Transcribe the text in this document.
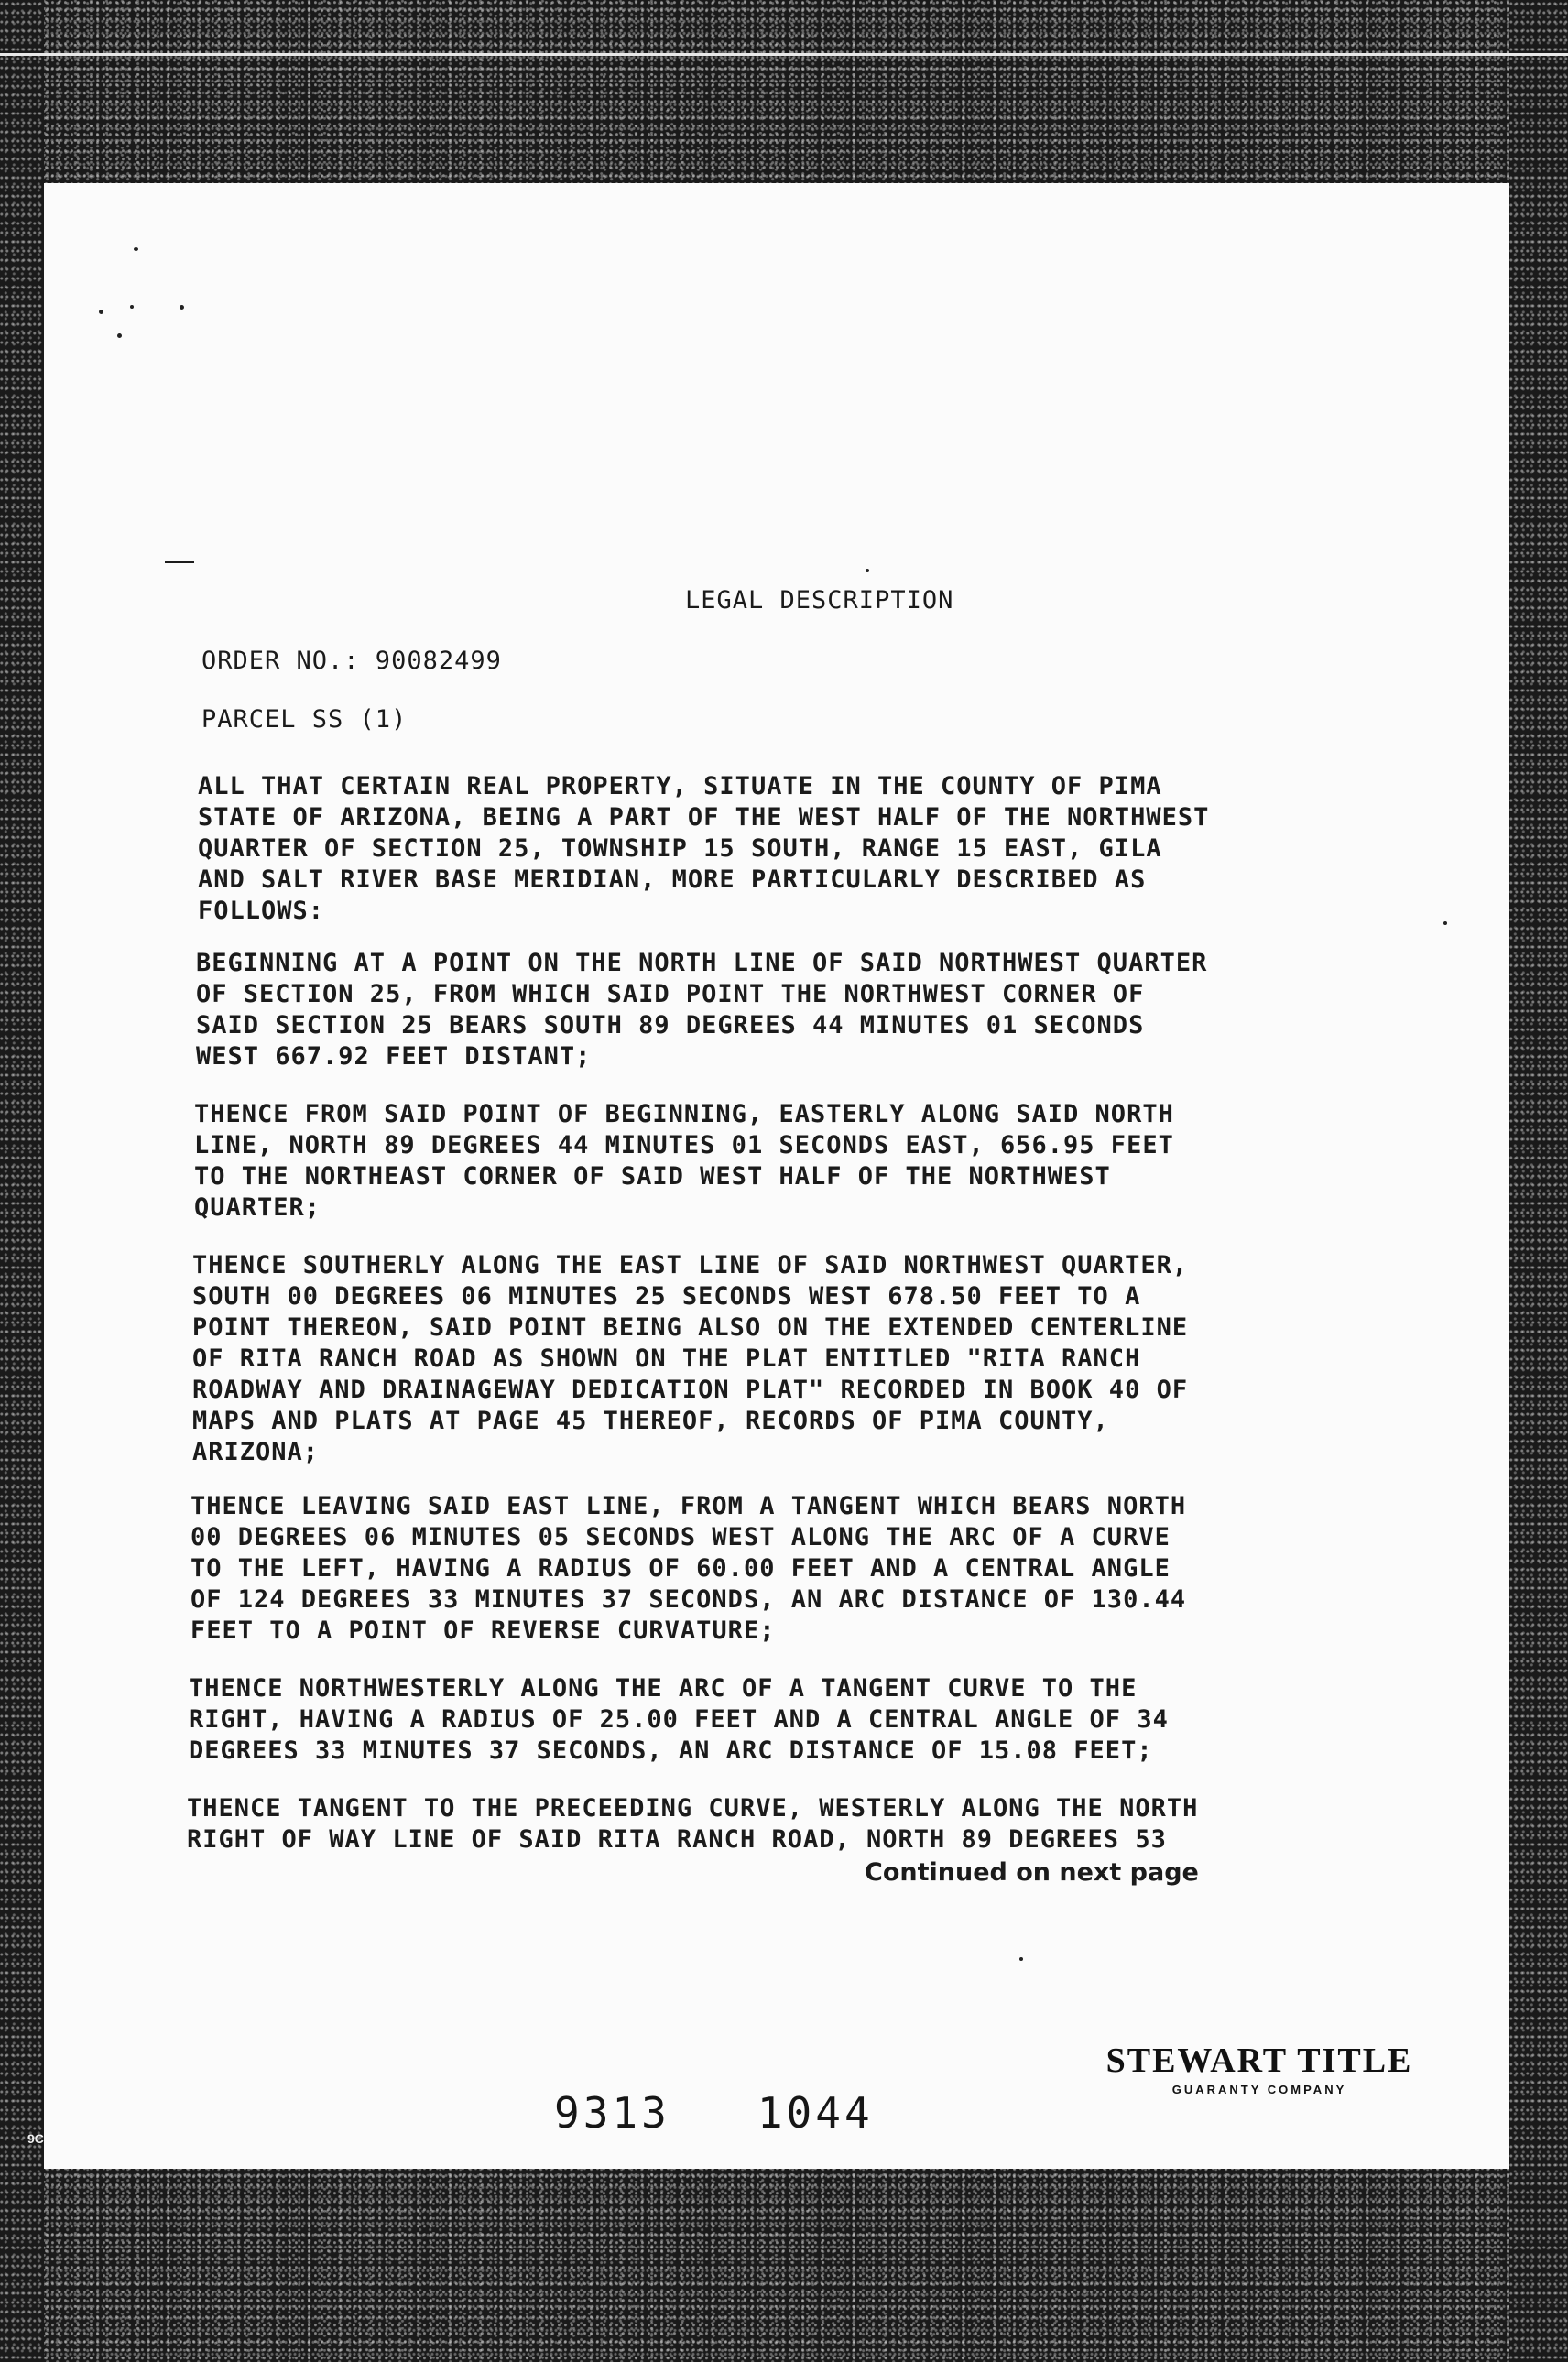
LEGAL DESCRIPTION
ORDER NO.: 90082499
PARCEL SS (1)

ALL THAT CERTAIN REAL PROPERTY, SITUATE IN THE COUNTY OF PIMA
STATE OF ARIZONA, BEING A PART OF THE WEST HALF OF THE NORTHWEST
QUARTER OF SECTION 25, TOWNSHIP 15 SOUTH, RANGE 15 EAST, GILA
AND SALT RIVER BASE MERIDIAN, MORE PARTICULARLY DESCRIBED AS
FOLLOWS:

BEGINNING AT A POINT ON THE NORTH LINE OF SAID NORTHWEST QUARTER
OF SECTION 25, FROM WHICH SAID POINT THE NORTHWEST CORNER OF
SAID SECTION 25 BEARS SOUTH 89 DEGREES 44 MINUTES 01 SECONDS
WEST 667.92 FEET DISTANT;

THENCE FROM SAID POINT OF BEGINNING, EASTERLY ALONG SAID NORTH
LINE, NORTH 89 DEGREES 44 MINUTES 01 SECONDS EAST, 656.95 FEET
TO THE NORTHEAST CORNER OF SAID WEST HALF OF THE NORTHWEST
QUARTER;

THENCE SOUTHERLY ALONG THE EAST LINE OF SAID NORTHWEST QUARTER,
SOUTH 00 DEGREES 06 MINUTES 25 SECONDS WEST 678.50 FEET TO A
POINT THEREON, SAID POINT BEING ALSO ON THE EXTENDED CENTERLINE
OF RITA RANCH ROAD AS SHOWN ON THE PLAT ENTITLED "RITA RANCH
ROADWAY AND DRAINAGEWAY DEDICATION PLAT" RECORDED IN BOOK 40 OF
MAPS AND PLATS AT PAGE 45 THEREOF, RECORDS OF PIMA COUNTY,
ARIZONA;

THENCE LEAVING SAID EAST LINE, FROM A TANGENT WHICH BEARS NORTH
00 DEGREES 06 MINUTES 05 SECONDS WEST ALONG THE ARC OF A CURVE
TO THE LEFT, HAVING A RADIUS OF 60.00 FEET AND A CENTRAL ANGLE
OF 124 DEGREES 33 MINUTES 37 SECONDS, AN ARC DISTANCE OF 130.44
FEET TO A POINT OF REVERSE CURVATURE;

THENCE NORTHWESTERLY ALONG THE ARC OF A TANGENT CURVE TO THE
RIGHT, HAVING A RADIUS OF 25.00 FEET AND A CENTRAL ANGLE OF 34
DEGREES 33 MINUTES 37 SECONDS, AN ARC DISTANCE OF 15.08 FEET;

THENCE TANGENT TO THE PRECEEDING CURVE, WESTERLY ALONG THE NORTH
RIGHT OF WAY LINE OF SAID RITA RANCH ROAD, NORTH 89 DEGREES 53

Continued on next page
STEWART TITLE
GUARANTY COMPANY
9313   1044
9C
